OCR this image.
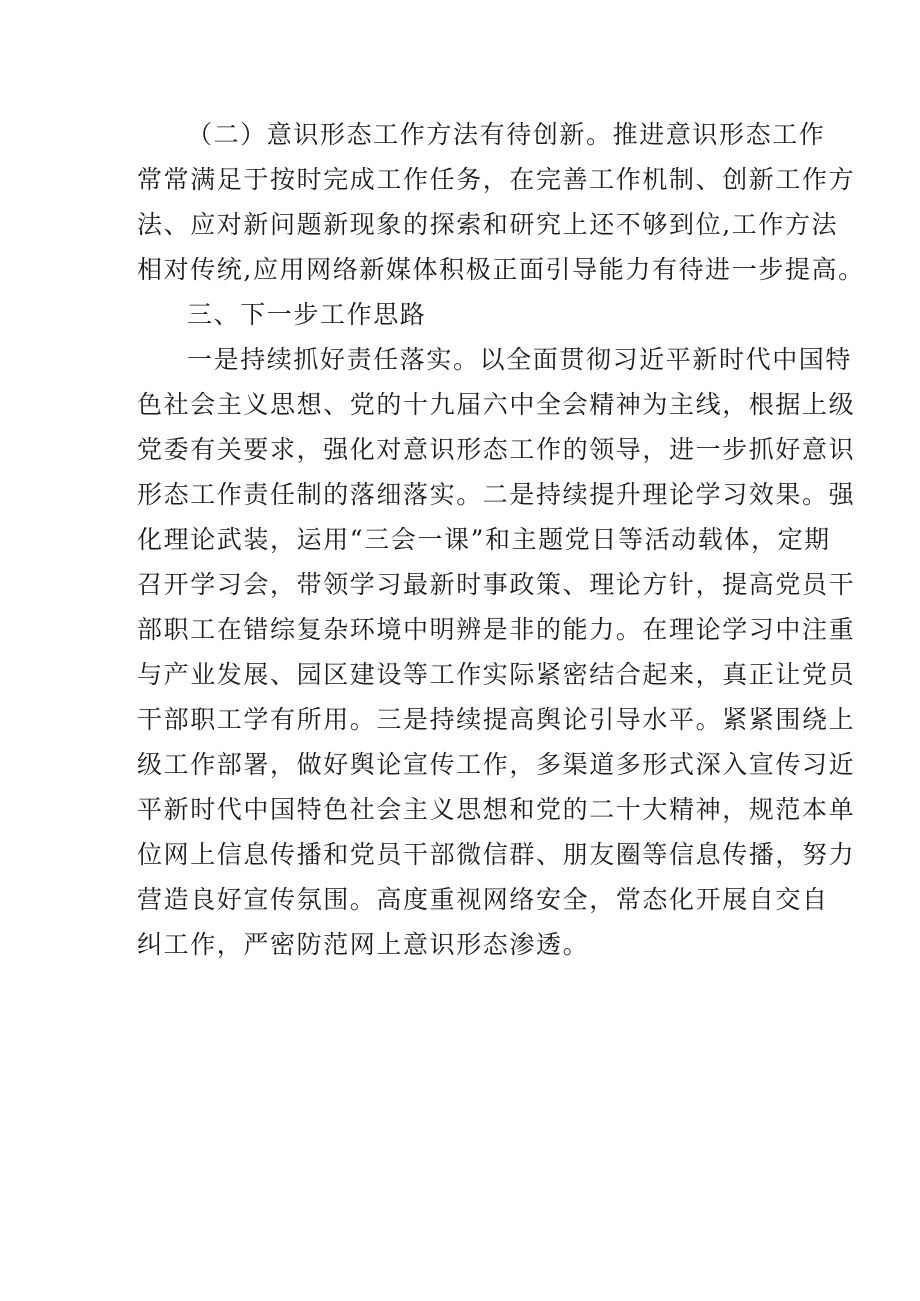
（二）意识形态工作方法有待创新。推进意识形态工作
常常满足于按时完成工作任务，在完善工作机制、创新工作方
法、应对新问题新现象的探索和研究上还不够到位,工作方法
相对传统,应用网络新媒体积极正面引导能力有待进一步提高。
三、下一步工作思路
一是持续抓好责任落实。以全面贯彻习近平新时代中国特
色社会主义思想、党的十九届六中全会精神为主线，根据上级
党委有关要求，强化对意识形态工作的领导，进一步抓好意识
形态工作责任制的落细落实。二是持续提升理论学习效果。强
化理论武装，运用“三会一课”和主题党日等活动载体，定期
召开学习会，带领学习最新时事政策、理论方针，提高党员干
部职工在错综复杂环境中明辨是非的能力。在理论学习中注重
与产业发展、园区建设等工作实际紧密结合起来，真正让党员
干部职工学有所用。三是持续提高舆论引导水平。紧紧围绕上
级工作部署，做好舆论宣传工作，多渠道多形式深入宣传习近
平新时代中国特色社会主义思想和党的二十大精神，规范本单
位网上信息传播和党员干部微信群、朋友圈等信息传播，努力
营造良好宣传氛围。高度重视网络安全，常态化开展自交自
纠工作，严密防范网上意识形态渗透。
